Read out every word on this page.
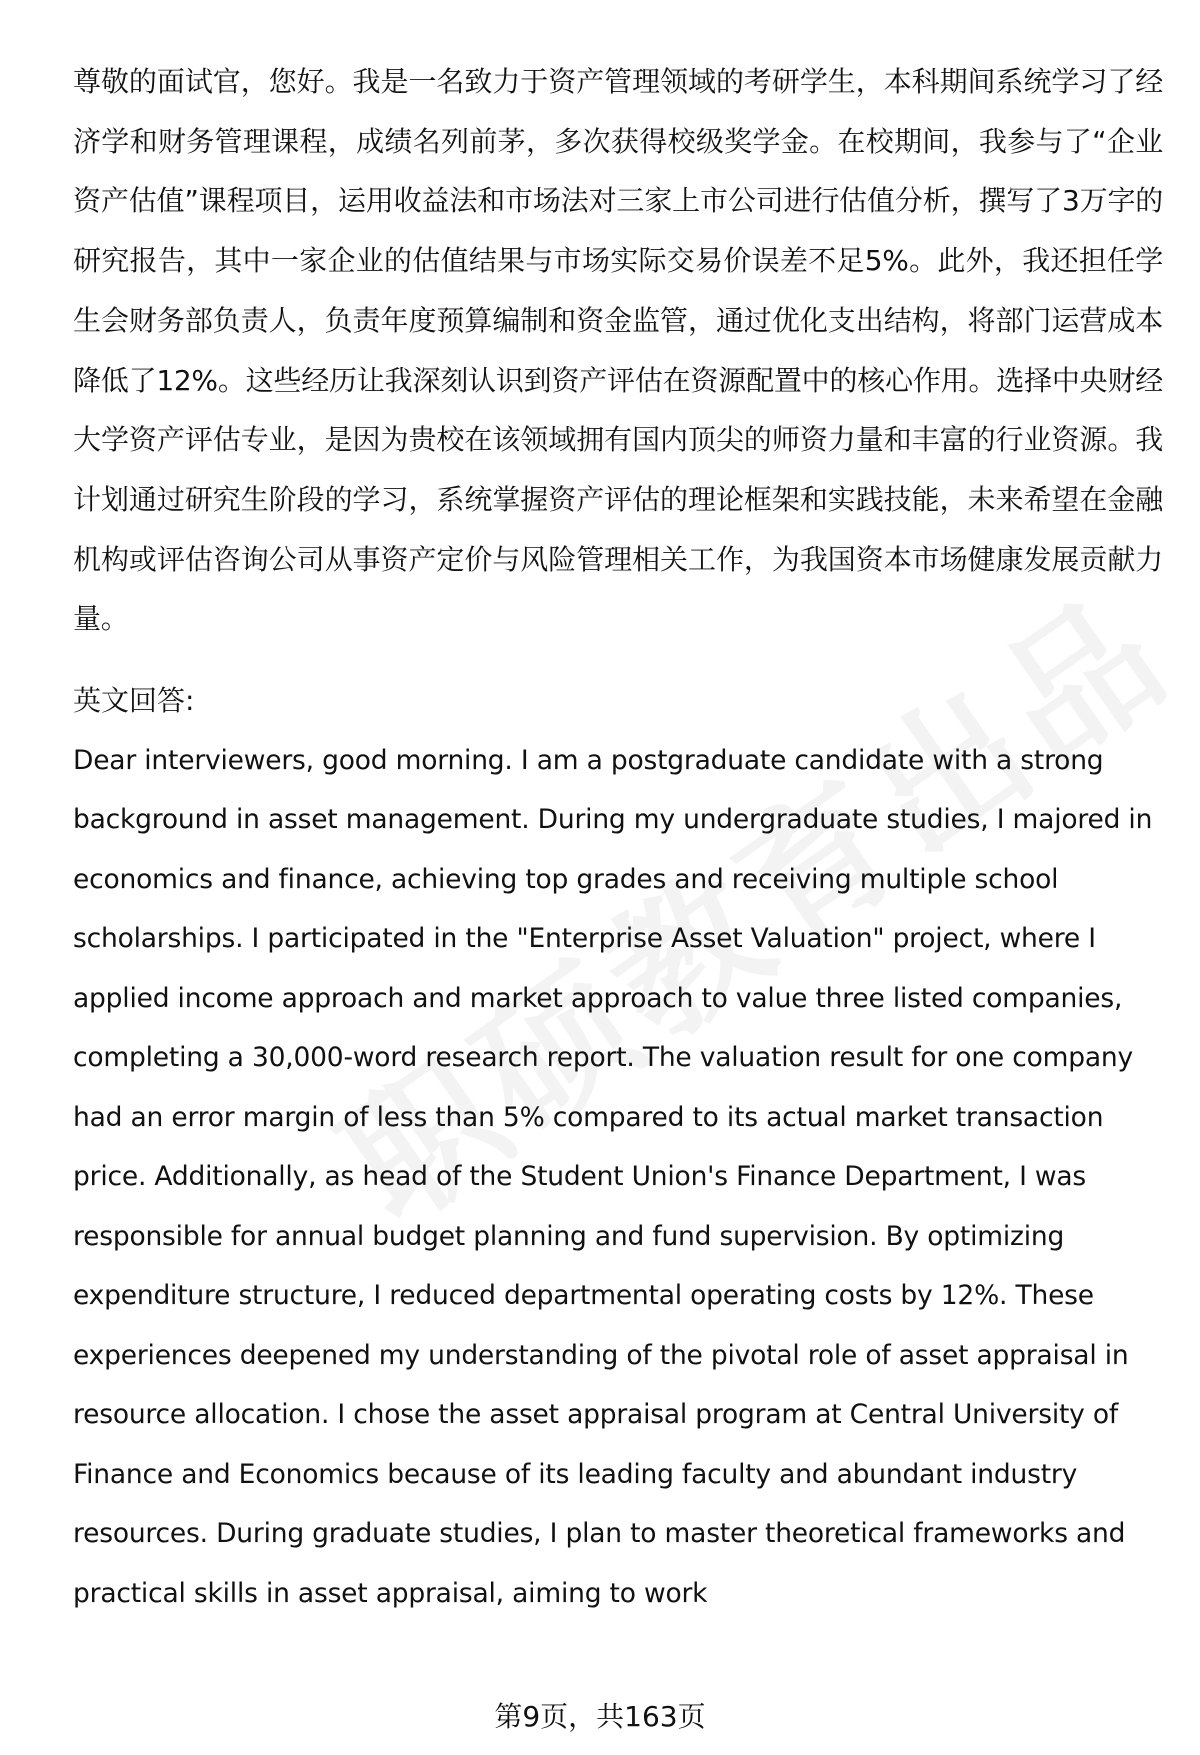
尊敬的面试官，您好。我是一名致力于资产管理领域的考研学生，本科期间系统学习了经济学和财务管理课程，成绩名列前茅，多次获得校级奖学金。在校期间，我参与了“企业资产估值”课程项目，运用收益法和市场法对三家上市公司进行估值分析，撰写了3万字的研究报告，其中一家企业的估值结果与市场实际交易价误差不足5%。此外，我还担任学生会财务部负责人，负责年度预算编制和资金监管，通过优化支出结构，将部门运营成本降低了12%。这些经历让我深刻认识到资产评估在资源配置中的核心作用。选择中央财经大学资产评估专业，是因为贵校在该领域拥有国内顶尖的师资力量和丰富的行业资源。我计划通过研究生阶段的学习，系统掌握资产评估的理论框架和实践技能，未来希望在金融机构或评估咨询公司从事资产定价与风险管理相关工作，为我国资本市场健康发展贡献力量。

英文回答:

Dear interviewers, good morning. I am a postgraduate candidate with a strong background in asset management. During my undergraduate studies, I majored in economics and finance, achieving top grades and receiving multiple school scholarships. I participated in the "Enterprise Asset Valuation" project, where I applied income approach and market approach to value three listed companies, completing a 30,000-word research report. The valuation result for one company had an error margin of less than 5% compared to its actual market transaction price. Additionally, as head of the Student Union's Finance Department, I was responsible for annual budget planning and fund supervision. By optimizing expenditure structure, I reduced departmental operating costs by 12%. These experiences deepened my understanding of the pivotal role of asset appraisal in resource allocation. I chose the asset appraisal program at Central University of Finance and Economics because of its leading faculty and abundant industry resources. During graduate studies, I plan to master theoretical frameworks and practical skills in asset appraisal, aiming to work

第9页，共163页
